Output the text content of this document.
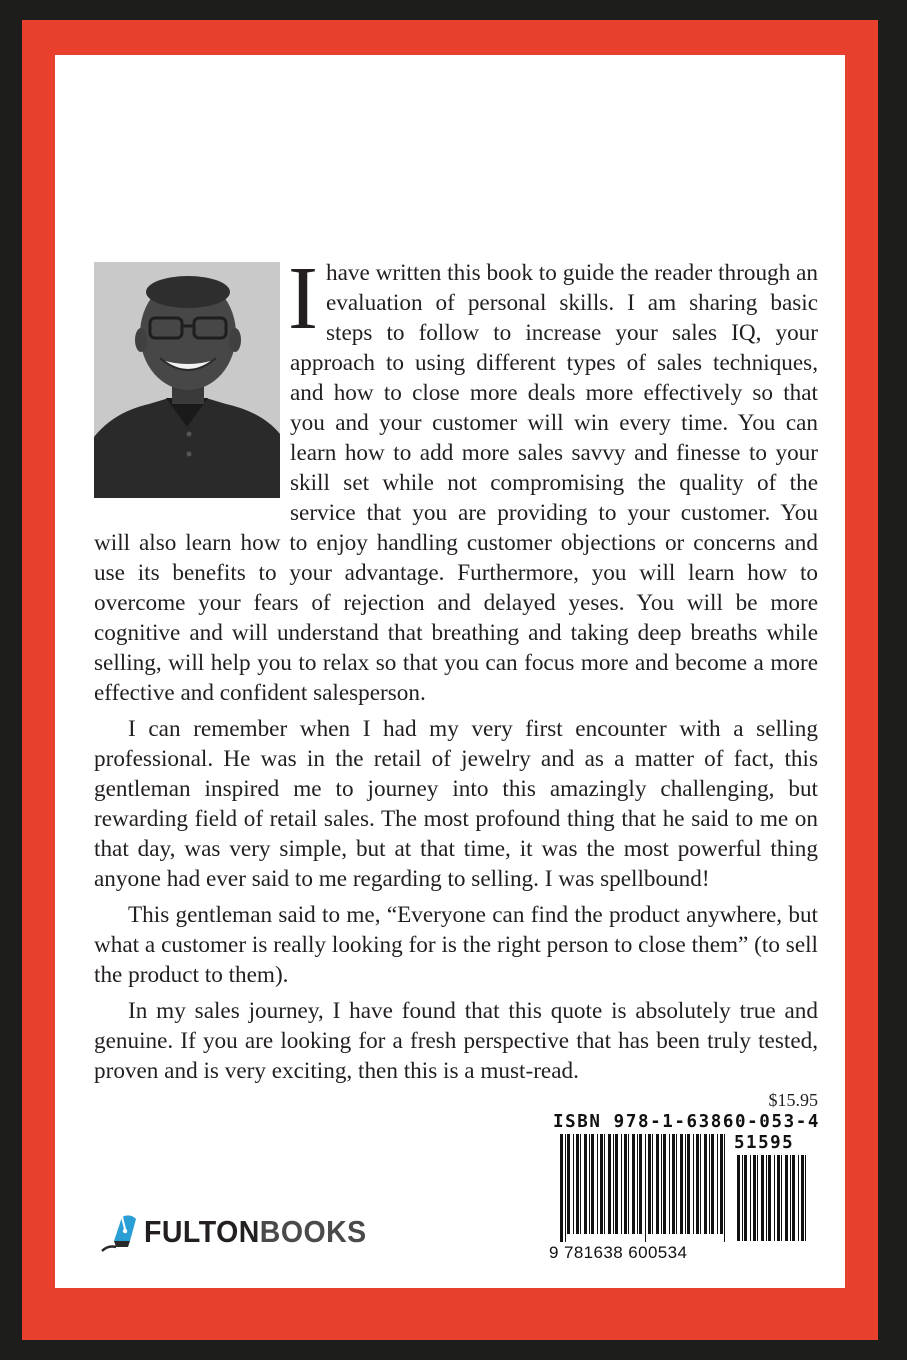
Ihave written this book to guide the reader through an evaluation of personal skills. I am sharing basic steps to follow to increase your sales IQ, your approach to using different types of sales techniques, and how to close more deals more effectively so that you and your customer will win every time. You can learn how to add more sales savvy and finesse to your skill set while not compromising the quality of the service that you are providing to your customer. You will also learn how to enjoy handling customer objections or concerns and use its benefits to your advantage. Furthermore, you will learn how to overcome your fears of rejection and delayed yeses. You will be more cognitive and will understand that breathing and taking deep breaths while selling, will help you to relax so that you can focus more and become a more effective and confident salesperson.

I can remember when I had my very first encounter with a selling professional. He was in the retail of jewelry and as a matter of fact, this gentleman inspired me to journey into this amazingly challenging, but rewarding field of retail sales. The most profound thing that he said to me on that day, was very simple, but at that time, it was the most powerful thing anyone had ever said to me regarding to selling. I was spellbound!

This gentleman said to me, “Everyone can find the product anywhere, but what a customer is really looking for is the right person to close them” (to sell the product to them).

In my sales journey, I have found that this quote is absolutely true and genuine. If you are looking for a fresh perspective that has been truly tested, proven and is very exciting, then this is a must-read.

$15.95
ISBN 978-1-63860-053-4
51595
9 781638 600534
FULTONBOOKS
